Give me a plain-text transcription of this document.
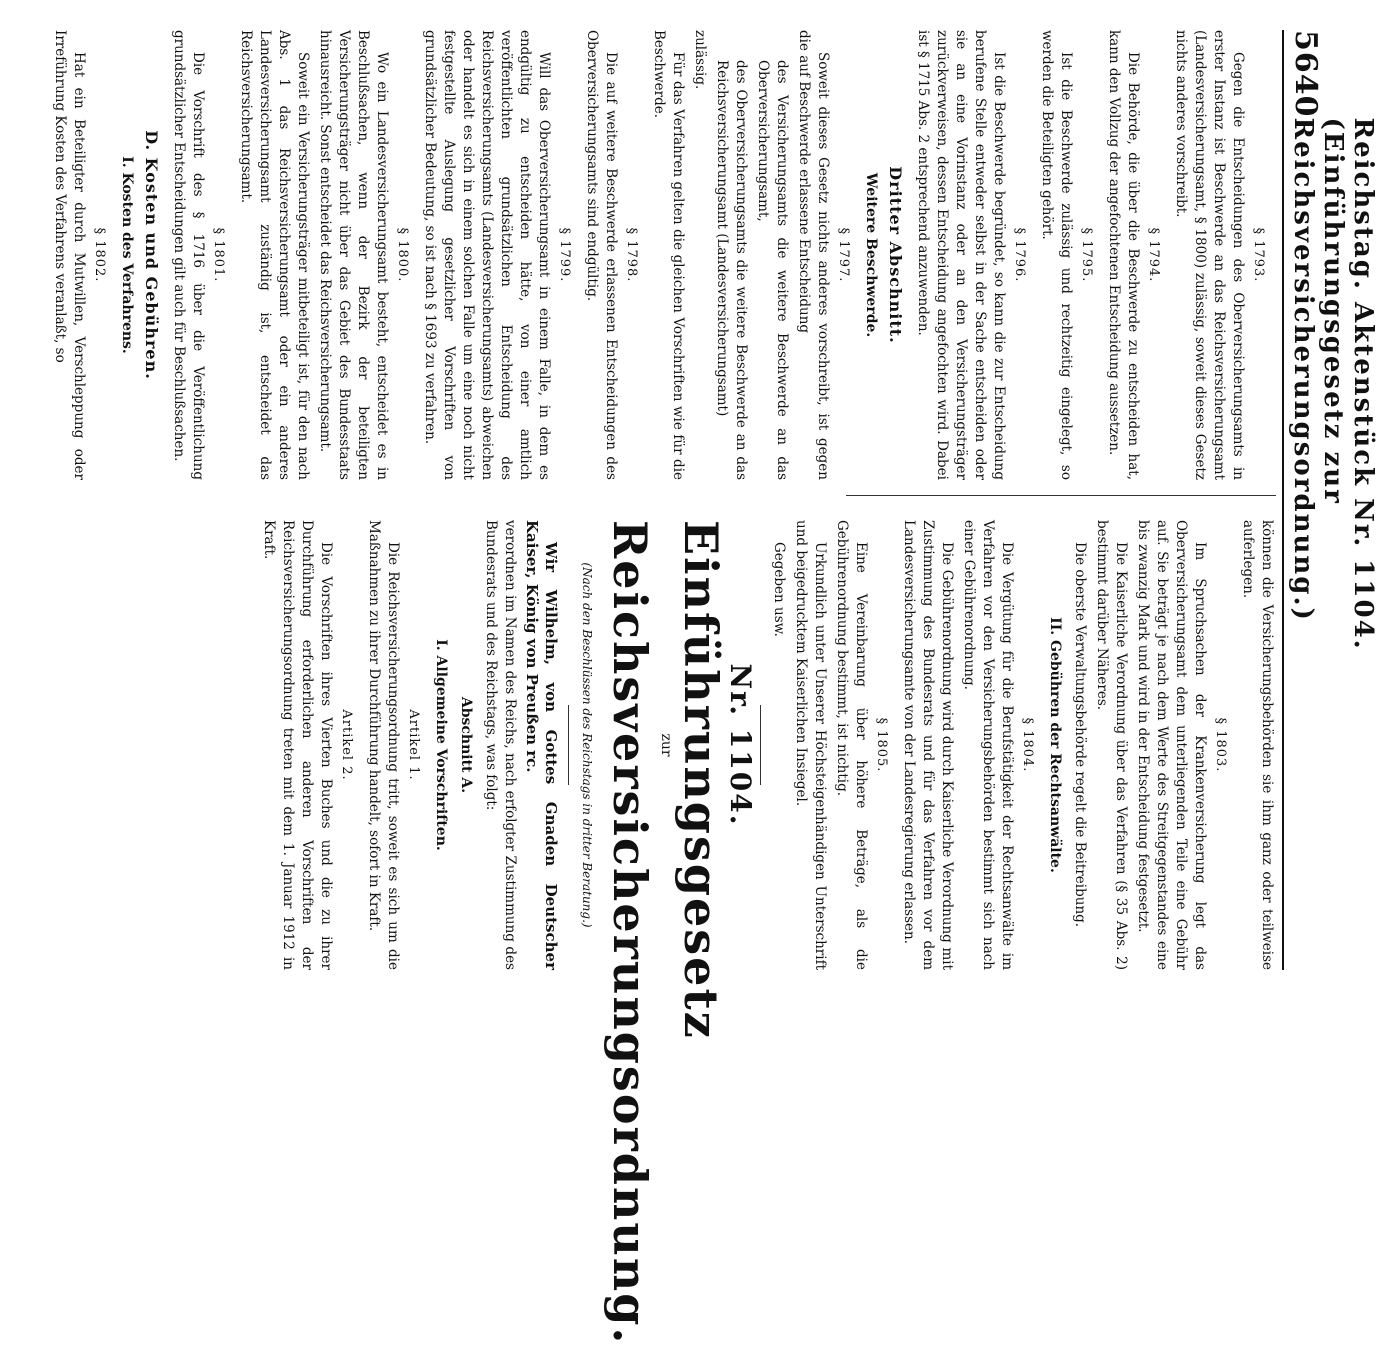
5640
Reichstag. Aktenstück Nr. 1104. (Einführungsgesetz zur Reichsversicherungsordnung.)
§ 1793.

Gegen die Entscheidungen des Oberversicherungsamts in erster Instanz ist Beschwerde an das Reichsversicherungsamt (Landesversicherungsamt, § 1800) zulässig, soweit dieses Gesetz nichts anderes vorschreibt.

§ 1794.

Die Behörde, die über die Beschwerde zu entscheiden hat, kann den Vollzug der angefochtenen Entscheidung aussetzen.

§ 1795.

Ist die Beschwerde zulässig und rechtzeitig eingelegt, so werden die Beteiligten gehört.

§ 1796.

Ist die Beschwerde begründet, so kann die zur Entscheidung berufene Stelle entweder selbst in der Sache entscheiden oder sie an eine Vorinstanz oder an den Versicherungsträger zurückverweisen, dessen Entscheidung angefochten wird. Dabei ist § 1715 Abs. 2 entsprechend anzuwenden.

Dritter Abschnitt.
Weitere Beschwerde.
§ 1797.

Soweit dieses Gesetz nichts anderes vorschreibt, ist gegen die auf Beschwerde erlassene Entscheidung

des Versicherungsamts die weitere Beschwerde an das Oberversicherungsamt,

des Oberversicherungsamts die weitere Beschwerde an das Reichsversicherungsamt (Landesversicherungsamt)

zulässig.

Für das Verfahren gelten die gleichen Vorschriften wie für die Beschwerde.

§ 1798.

Die auf weitere Beschwerde erlassenen Entscheidungen des Oberversicherungsamts sind endgültig.

§ 1799.

Will das Oberversicherungsamt in einem Falle, in dem es endgültig zu entscheiden hätte, von einer amtlich veröffentlichten grundsätzlichen Entscheidung des Reichsversicherungsamts (Landesversicherungsamts) abweichen oder handelt es sich in einem solchen Falle um eine noch nicht festgestellte Auslegung gesetzlicher Vorschriften von grundsätzlicher Bedeutung, so ist nach § 1693 zu verfahren.

§ 1800.

Wo ein Landesversicherungsamt besteht, entscheidet es in Beschlußsachen, wenn der Bezirk der beteiligten Versicherungsträger nicht über das Gebiet des Bundesstaats hinausreicht. Sonst entscheidet das Reichsversicherungsamt.

Soweit ein Versicherungsträger mitbeteiligt ist, für den nach Abs. 1 das Reichsversicherungsamt oder ein anderes Landesversicherungsamt zuständig ist, entscheidet das Reichsversicherungsamt.

§ 1801.

Die Vorschrift des § 1716 über die Veröffentlichung grundsätzlicher Entscheidungen gilt auch für Beschlußsachen.

D. Kosten und Gebühren.
I. Kosten des Verfahrens.
§ 1802.

Hat ein Beteiligter durch Mutwillen, Verschleppung oder Irreführung Kosten des Verfahrens veranlaßt, so

können die Versicherungsbehörden sie ihm ganz oder teilweise auferlegen.

§ 1803.

Im Spruchsachen der Krankenversicherung legt das Oberversicherungsamt dem unterliegenden Teile eine Gebühr auf. Sie beträgt je nach dem Werte des Streitgegenstandes eine bis zwanzig Mark und wird in der Entscheidung festgesetzt.

Die Kaiserliche Verordnung über das Verfahren (§ 35 Abs. 2) bestimmt darüber Näheres.

Die oberste Verwaltungsbehörde regelt die Beitreibung.

II. Gebühren der Rechtsanwälte.
§ 1804.

Die Vergütung für die Berufstätigkeit der Rechtsanwälte im Verfahren vor den Versicherungsbehörden bestimmt sich nach einer Gebührenordnung.

Die Gebührenordnung wird durch Kaiserliche Verordnung mit Zustimmung des Bundesrats und für das Verfahren vor dem Landesversicherungsamte von der Landesregierung erlassen.

§ 1805.

Eine Vereinbarung über höhere Beträge, als die Gebührenordnung bestimmt, ist nichtig.

Urkundlich unter Unserer Höchsteigenhändigen Unterschrift und beigedrucktem Kaiserlichen Insiegel.

Gegeben usw.

Nr. 1104.
Einführungsgesetz
zur
Reichsversicherungsordnung.
(Nach den Beschlüssen des Reichstags in dritter Beratung.)

Wir Wilhelm, von Gottes Gnaden Deutscher Kaiser, König von Preußen rc.

verordnen im Namen des Reichs, nach erfolgter Zustimmung des Bundesrats und des Reichstags, was folgt:

Abschnitt A.
I. Allgemeine Vorschriften.
Artikel 1.

Die Reichsversicherungsordnung tritt, soweit es sich um die Maßnahmen zu ihrer Durchführung handelt, sofort in Kraft.

Artikel 2.

Die Vorschriften ihres Vierten Buches und die zu ihrer Durchführung erforderlichen anderen Vorschriften der Reichsversicherungsordnung treten mit dem 1. Januar 1912 in Kraft.
